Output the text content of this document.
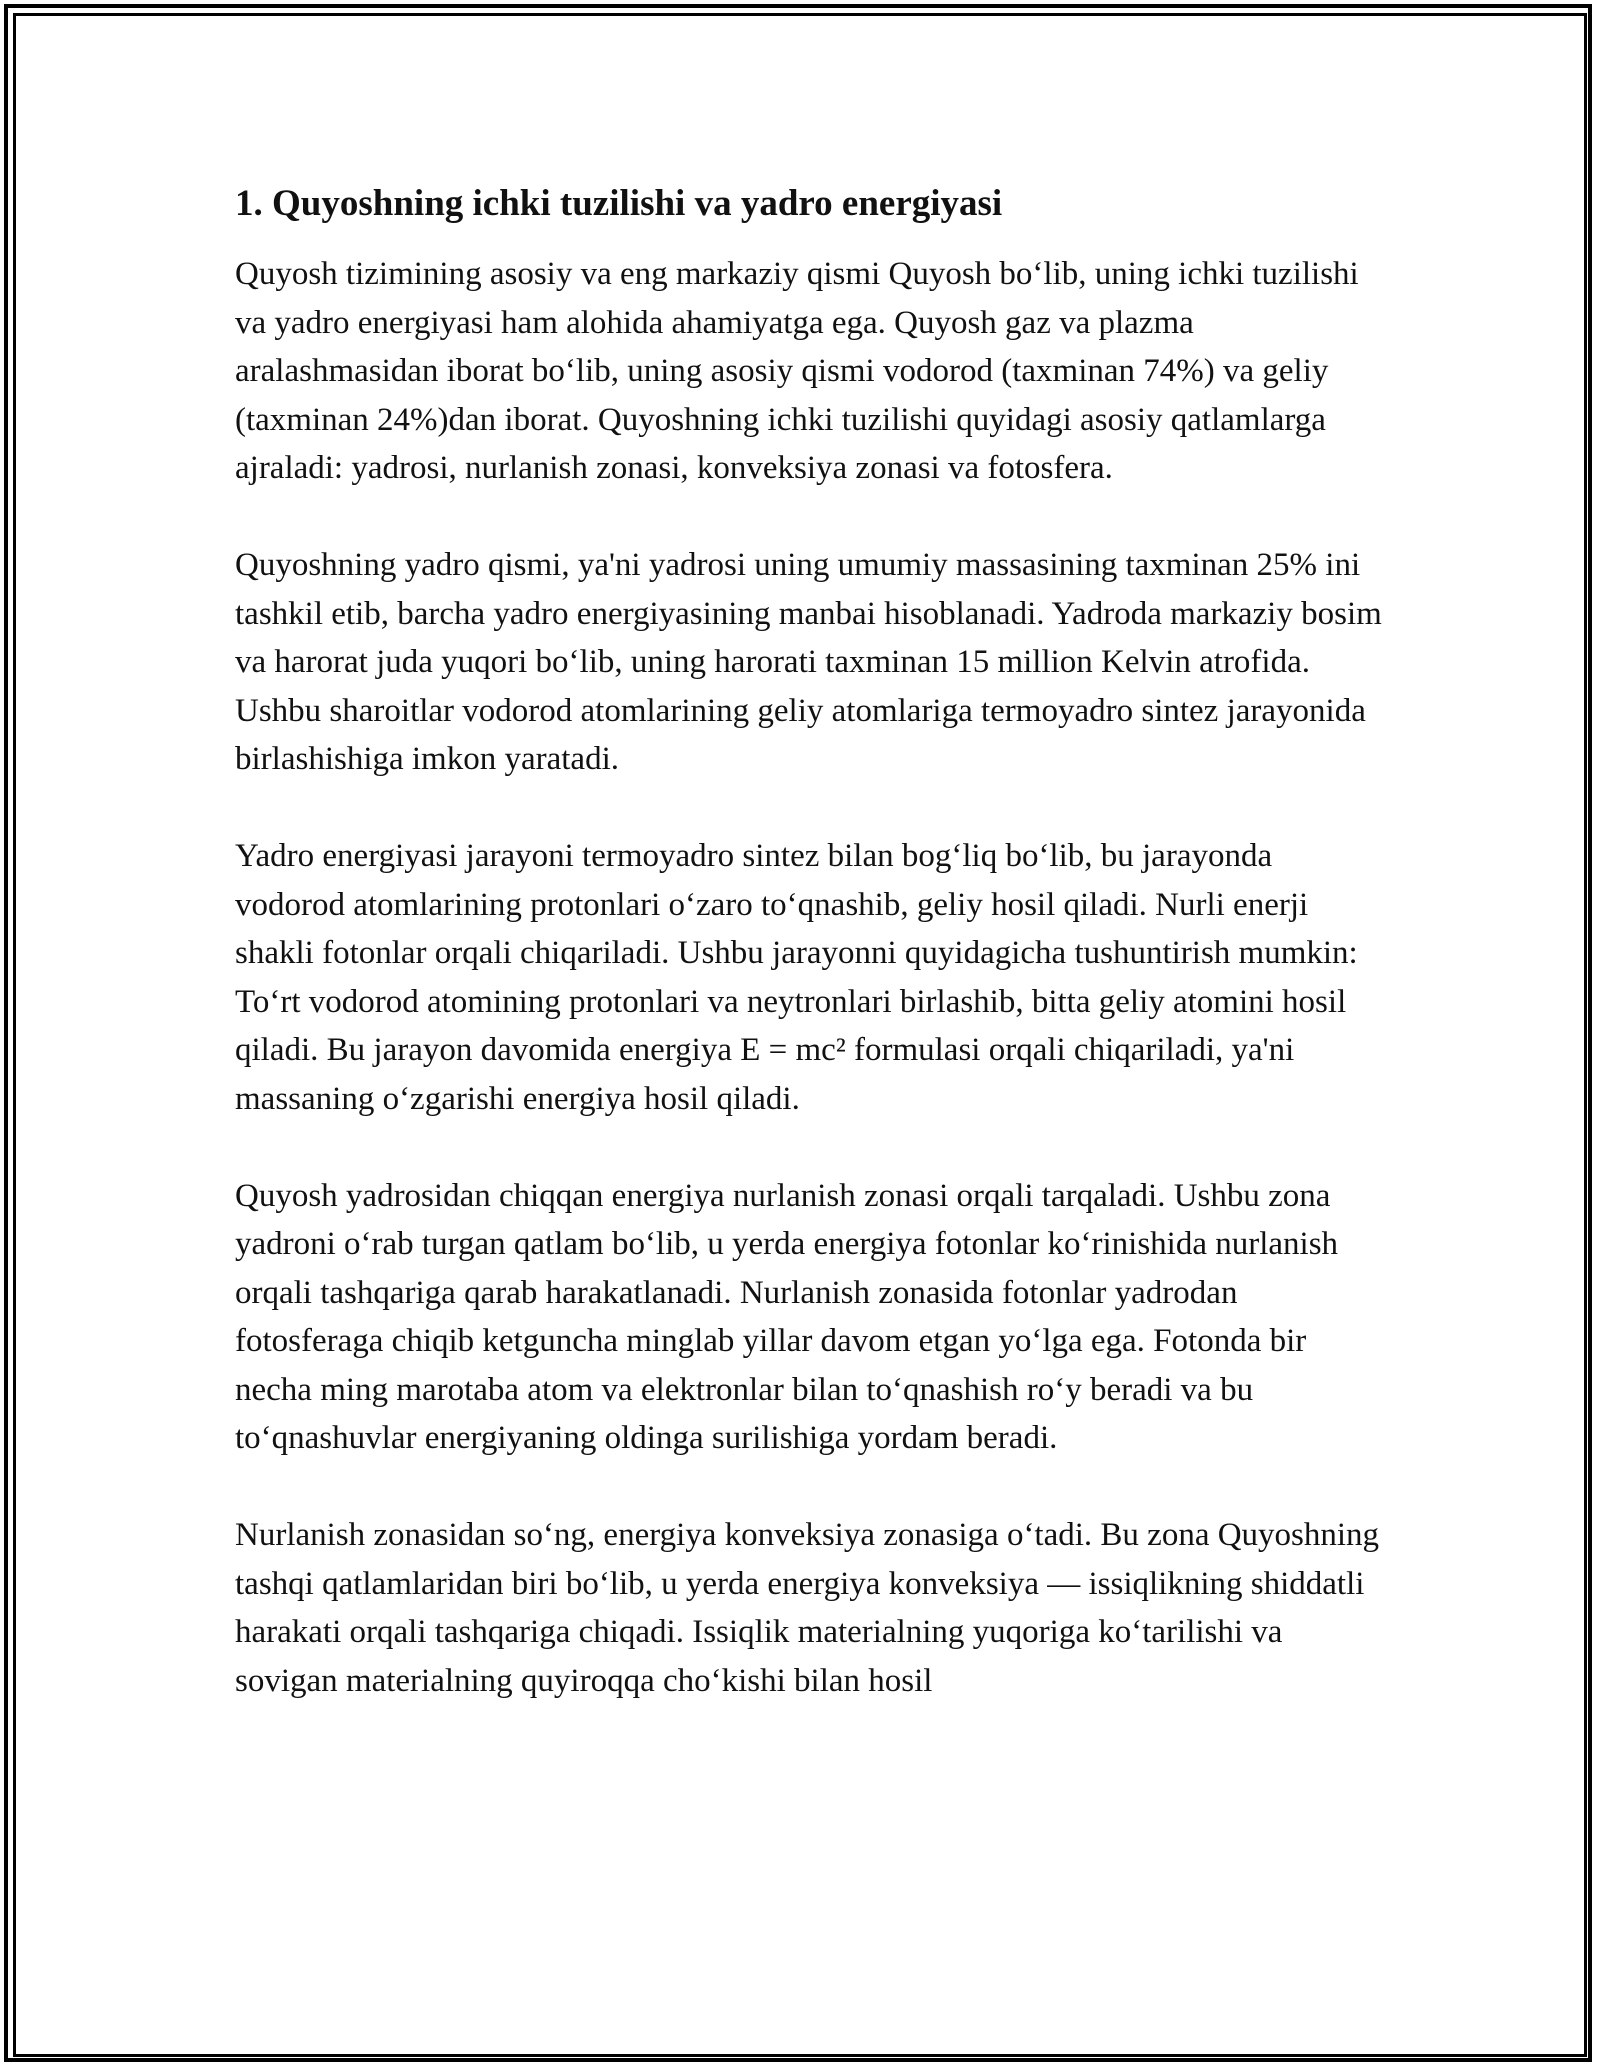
1. Quyoshning ichki tuzilishi va yadro energiyasi

Quyosh tizimining asosiy va eng markaziy qismi Quyosh bo‘lib, uning ichki tuzilishi va yadro energiyasi ham alohida ahamiyatga ega. Quyosh gaz va plazma aralashmasidan iborat bo‘lib, uning asosiy qismi vodorod (taxminan 74%) va geliy (taxminan 24%)dan iborat. Quyoshning ichki tuzilishi quyidagi asosiy qatlamlarga ajraladi: yadrosi, nurlanish zonasi, konveksiya zonasi va fotosfera.

Quyoshning yadro qismi, ya'ni yadrosi uning umumiy massasining taxminan 25% ini tashkil etib, barcha yadro energiyasining manbai hisoblanadi. Yadroda markaziy bosim va harorat juda yuqori bo‘lib, uning harorati taxminan 15 million Kelvin atrofida. Ushbu sharoitlar vodorod atomlarining geliy atomlariga termoyadro sintez jarayonida birlashishiga imkon yaratadi.

Yadro energiyasi jarayoni termoyadro sintez bilan bog‘liq bo‘lib, bu jarayonda vodorod atomlarining protonlari o‘zaro to‘qnashib, geliy hosil qiladi. Nurli enerji shakli fotonlar orqali chiqariladi. Ushbu jarayonni quyidagicha tushuntirish mumkin: To‘rt vodorod atomining protonlari va neytronlari birlashib, bitta geliy atomini hosil qiladi. Bu jarayon davomida energiya E = mc² formulasi orqali chiqariladi, ya'ni massaning o‘zgarishi energiya hosil qiladi.

Quyosh yadrosidan chiqqan energiya nurlanish zonasi orqali tarqaladi. Ushbu zona yadroni o‘rab turgan qatlam bo‘lib, u yerda energiya fotonlar ko‘rinishida nurlanish orqali tashqariga qarab harakatlanadi. Nurlanish zonasida fotonlar yadrodan fotosferaga chiqib ketguncha minglab yillar davom etgan yo‘lga ega. Fotonda bir necha ming marotaba atom va elektronlar bilan to‘qnashish ro‘y beradi va bu to‘qnashuvlar energiyaning oldinga surilishiga yordam beradi.

Nurlanish zonasidan so‘ng, energiya konveksiya zonasiga o‘tadi. Bu zona Quyoshning tashqi qatlamlaridan biri bo‘lib, u yerda energiya konveksiya — issiqlikning shiddatli harakati orqali tashqariga chiqadi. Issiqlik materialning yuqoriga ko‘tarilishi va sovigan materialning quyiroqqa cho‘kishi bilan hosil
